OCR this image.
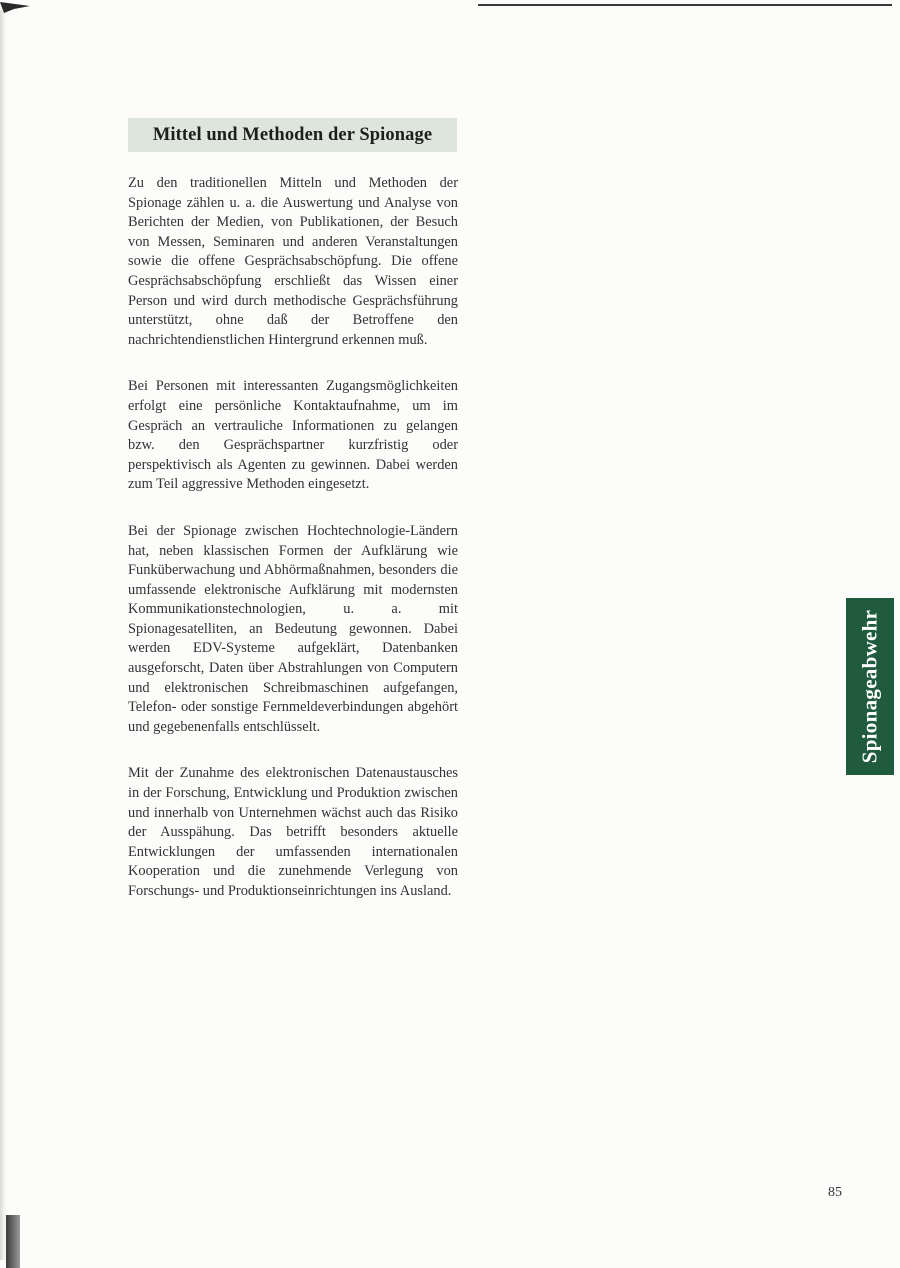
Mittel und Methoden der Spionage

Zu den traditionellen Mitteln und Methoden der Spionage zählen u. a. die Auswertung und Analyse von Berichten der Medien, von Publikationen, der Besuch von Messen, Seminaren und anderen Veranstaltungen sowie die offene Gesprächsabschöpfung. Die offene Gesprächsabschöpfung erschließt das Wissen einer Person und wird durch methodische Gesprächsführung unterstützt, ohne daß der Betroffene den nachrichtendienstlichen Hintergrund erkennen muß.

Bei Personen mit interessanten Zugangsmöglichkeiten erfolgt eine persönliche Kontaktaufnahme, um im Gespräch an vertrauliche Informationen zu gelangen bzw. den Gesprächspartner kurzfristig oder perspektivisch als Agenten zu gewinnen. Dabei werden zum Teil aggressive Methoden eingesetzt.

Bei der Spionage zwischen Hochtechnologie-Ländern hat, neben klassischen Formen der Aufklärung wie Funküberwachung und Abhörmaßnahmen, besonders die umfassende elektronische Aufklärung mit modernsten Kommunikationstechnologien, u. a. mit Spionagesatelliten, an Bedeutung gewonnen. Dabei werden EDV-Systeme aufgeklärt, Datenbanken ausgeforscht, Daten über Abstrahlungen von Computern und elektronischen Schreibmaschinen aufgefangen, Telefon- oder sonstige Fernmeldeverbindungen abgehört und gegebenenfalls entschlüsselt.

Mit der Zunahme des elektronischen Datenaustausches in der Forschung, Entwicklung und Produktion zwischen und innerhalb von Unternehmen wächst auch das Risiko der Ausspähung. Das betrifft besonders aktuelle Entwicklungen der umfassenden internationalen Kooperation und die zunehmende Verlegung von Forschungs- und Produktionseinrichtungen ins Ausland.

Spionageabwehr
85
